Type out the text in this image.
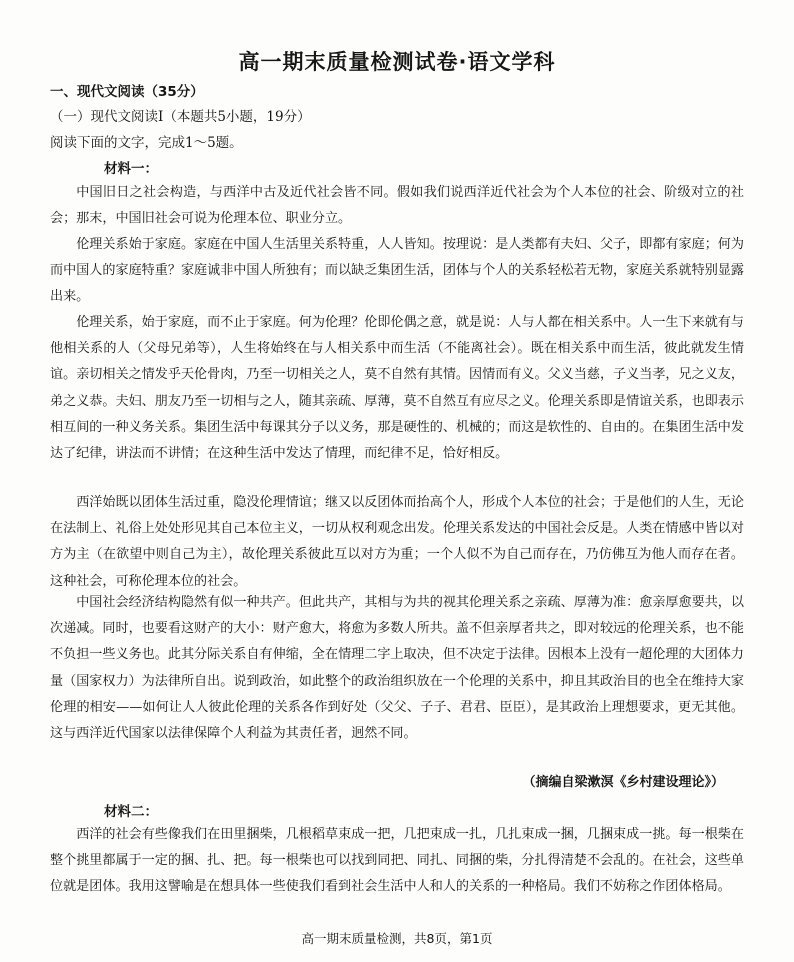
高一期末质量检测试卷·语文学科
一、现代文阅读（35分）
（一）现代文阅读Ⅰ（本题共5小题，19分）
阅读下面的文字，完成1～5题。
材料一：

中国旧日之社会构造，与西洋中古及近代社会皆不同。假如我们说西洋近代社会为个人本位的社会、阶级对立的社会；那末，中国旧社会可说为伦理本位、职业分立。

伦理关系始于家庭。家庭在中国人生活里关系特重，人人皆知。按理说：是人类都有夫妇、父子，即都有家庭；何为而中国人的家庭特重？家庭诚非中国人所独有；而以缺乏集团生活，团体与个人的关系轻松若无物，家庭关系就特别显露出来。

伦理关系，始于家庭，而不止于家庭。何为伦理？伦即伦偶之意，就是说：人与人都在相关系中。人一生下来就有与他相关系的人（父母兄弟等），人生将始终在与人相关系中而生活（不能离社会）。既在相关系中而生活，彼此就发生情谊。亲切相关之情发乎天伦骨肉，乃至一切相关之人，莫不自然有其情。因情而有义。父义当慈，子义当孝，兄之义友，弟之义恭。夫妇、朋友乃至一切相与之人，随其亲疏、厚薄，莫不自然互有应尽之义。伦理关系即是情谊关系，也即表示相互间的一种义务关系。集团生活中每课其分子以义务，那是硬性的、机械的；而这是软性的、自由的。在集团生活中发达了纪律，讲法而不讲情；在这种生活中发达了情理，而纪律不足，恰好相反。

西洋始既以团体生活过重，隐没伦理情谊；继又以反团体而抬高个人，形成个人本位的社会；于是他们的人生，无论在法制上、礼俗上处处形见其自己本位主义，一切从权利观念出发。伦理关系发达的中国社会反是。人类在情感中皆以对方为主（在欲望中则自己为主），故伦理关系彼此互以对方为重；一个人似不为自己而存在，乃仿佛互为他人而存在者。这种社会，可称伦理本位的社会。

中国社会经济结构隐然有似一种共产。但此共产，其相与为共的视其伦理关系之亲疏、厚薄为准：愈亲厚愈要共，以次递减。同时，也要看这财产的大小：财产愈大，将愈为多数人所共。盖不但亲厚者共之，即对较远的伦理关系，也不能不负担一些义务也。此其分际关系自有伸缩，全在情理二字上取决，但不决定于法律。因根本上没有一超伦理的大团体力量（国家权力）为法律所自出。说到政治，如此整个的政治组织放在一个伦理的关系中，抑且其政治目的也全在维持大家伦理的相安——如何让人人彼此伦理的关系各作到好处（父父、子子、君君、臣臣），是其政治上理想要求，更无其他。这与西洋近代国家以法律保障个人利益为其责任者，迥然不同。

（摘编自梁漱溟《乡村建设理论》）
材料二：

西洋的社会有些像我们在田里捆柴，几根稻草束成一把，几把束成一扎，几扎束成一捆，几捆束成一挑。每一根柴在整个挑里都属于一定的捆、扎、把。每一根柴也可以找到同把、同扎、同捆的柴，分扎得清楚不会乱的。在社会，这些单位就是团体。我用这譬喻是在想具体一些使我们看到社会生活中人和人的关系的一种格局。我们不妨称之作团体格局。

高一期末质量检测，共8页，第1页
